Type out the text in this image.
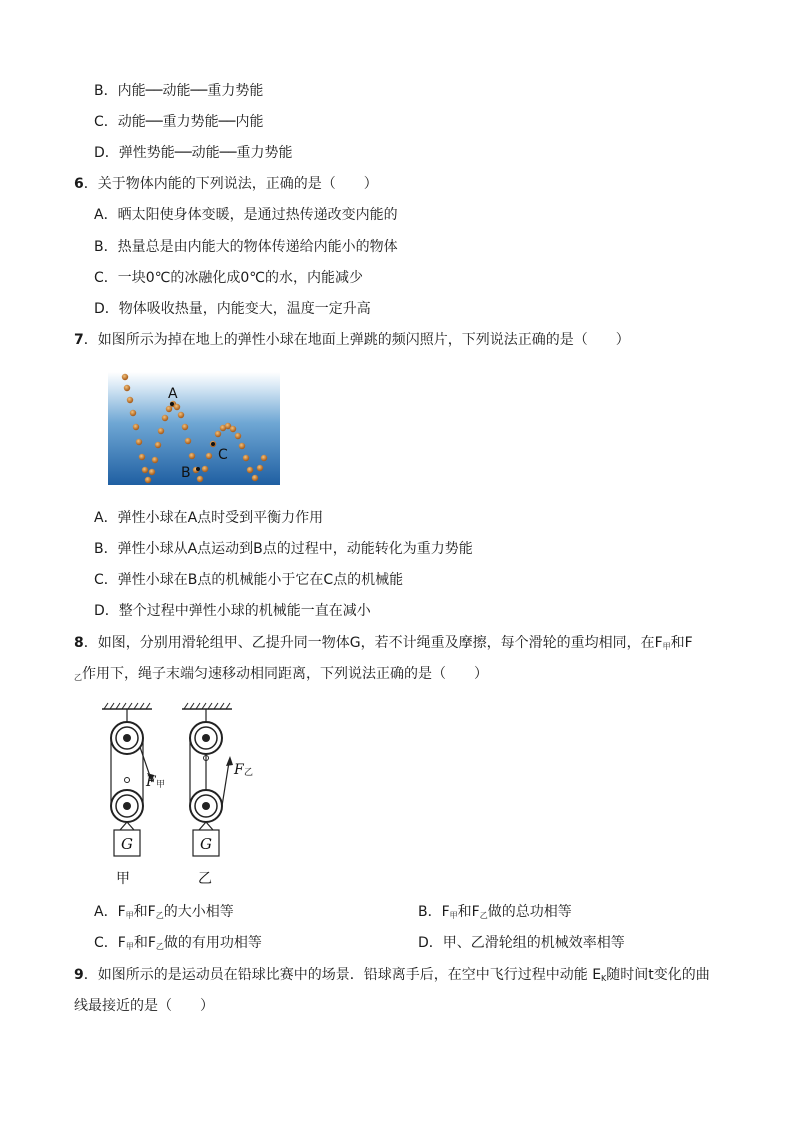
B．内能──动能──重力势能
C．动能──重力势能──内能
D．弹性势能──动能──重力势能
6．关于物体内能的下列说法，正确的是（　　）
A．晒太阳使身体变暖，是通过热传递改变内能的
B．热量总是由内能大的物体传递给内能小的物体
C．一块0℃的冰融化成0℃的水，内能减少
D．物体吸收热量，内能变大，温度一定升高
7．如图所示为掉在地上的弹性小球在地面上弹跳的频闪照片，下列说法正确的是（　　）
A
B
C
A．弹性小球在A点时受到平衡力作用
B．弹性小球从A点运动到B点的过程中，动能转化为重力势能
C．弹性小球在B点的机械能小于它在C点的机械能
D．整个过程中弹性小球的机械能一直在减小
8．如图，分别用滑轮组甲、乙提升同一物体G，若不计绳重及摩擦，每个滑轮的重均相同，在$F_甲$和F
$_乙$作用下，绳子末端匀速移动相同距离，下列说法正确的是（　　）
G
F 甲
甲
G
F 乙
乙
A．$F_甲$和$F_乙$的大小相等	B．$F_甲$和$F_乙$做的总功相等
C．$F_甲$和$F_乙$做的有用功相等	D．甲、乙滑轮组的机械效率相等
9．如图所示的是运动员在铅球比赛中的场景．铅球离手后，在空中飞行过程中动能 $E_K$随时间t变化的曲
线最接近的是（　　）
